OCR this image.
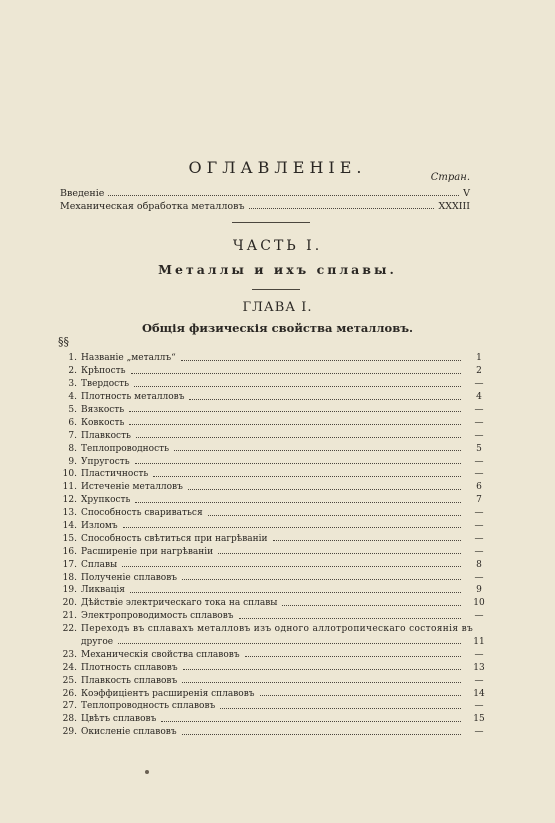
ОГЛАВЛЕНІЕ.
Стран.
Введеніе	V
Механическая обработка металловъ	XXXIII
ЧАСТЬ I.
Металлы и ихъ сплавы.
ГЛАВА I.
Общія физическія свойства металловъ.
§§
1. Названіе „металлъ“	1
2. Крѣпость	2
3. Твердость	—
4. Плотность металловъ	4
5. Вязкость	—
6. Ковкость	—
7. Плавкость	—
8. Теплопроводность	5
9. Упругость	—
10. Пластичность	—
11. Истеченіе металловъ	6
12. Хрупкость	7
13. Способность свариваться	—
14. Изломъ	—
15. Способность свѣтиться при нагрѣваніи	—
16. Расширеніе при нагрѣваніи	—
17. Сплавы	8
18. Полученіе сплавовъ	—
19. Ликвація	9
20. Дѣйствіе электрическаго тока на сплавы	10
21. Электропроводимость сплавовъ	—
22. Переходъ въ сплавахъ металловъ изъ одного аллотропическаго состоянія въ
другое	11
23. Механическія свойства сплавовъ	—
24. Плотность сплавовъ	13
25. Плавкость сплавовъ	—
26. Коэффиціентъ расширенія сплавовъ	14
27. Теплопроводность сплавовъ	—
28. Цвѣтъ сплавовъ	15
29. Окисленіе сплавовъ	—
